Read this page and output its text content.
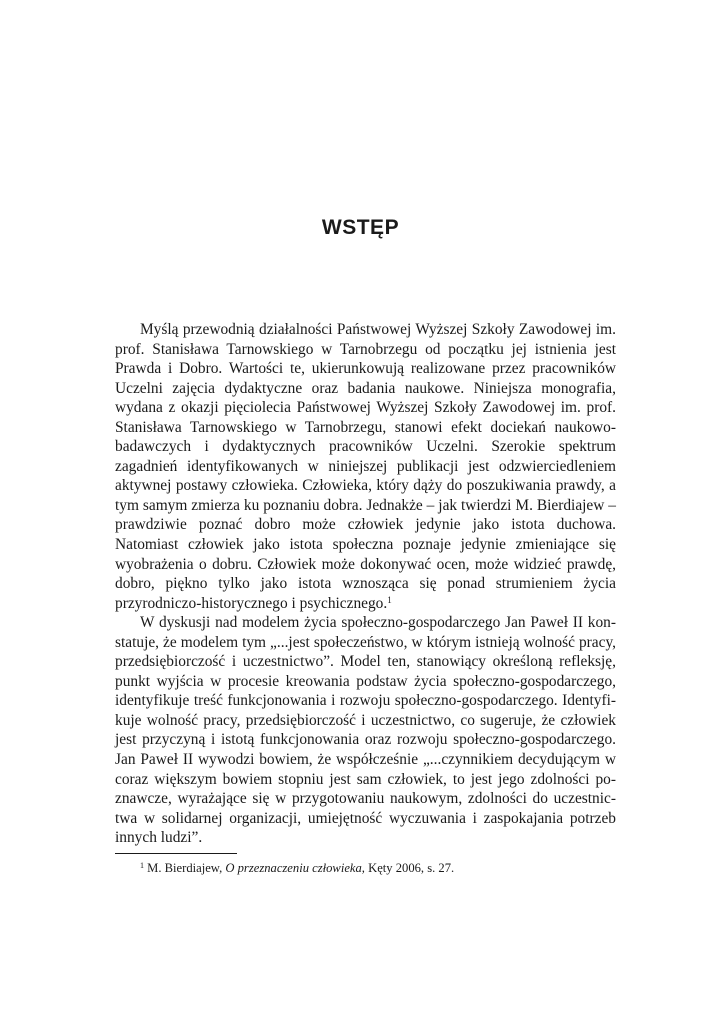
WSTĘP

Myślą przewodnią działalności Państwowej Wyższej Szkoły Zawodowej im. prof. Stanisława Tarnowskiego w Tarnobrzegu od początku jej istnienia jest Prawda i Dobro. Wartości te, ukierunkowują realizowane przez pracowników Uczelni zajęcia dydaktyczne oraz badania naukowe. Niniejsza monografia, wydana z okazji pięciolecia Państwowej Wyższej Szkoły Zawodowej im. prof. Stanisława Tarnowskiego w Tarnobrzegu, stanowi efekt dociekań naukowo-badawczych i dydaktycznych pracowników Uczelni. Szerokie spektrum zagadnień identyfikowanych w niniejszej publikacji jest odzwierciedleniem aktywnej postawy człowieka. Człowieka, który dąży do poszukiwania prawdy, a tym samym zmierza ku poznaniu dobra. Jednakże – jak twierdzi M. Bierdiajew – prawdziwie poznać dobro może człowiek jedynie jako istota duchowa. Natomiast człowiek jako istota społeczna poznaje jedynie zmieniające się wyobrażenia o dobru. Człowiek może dokonywać ocen, może widzieć prawdę, dobro, piękno tylko jako istota wznosząca się ponad strumieniem życia przyrodniczo-historycznego i psychicznego.$^1$

W dyskusji nad modelem życia społeczno-gospodarczego Jan Paweł II konstatuje, że modelem tym „...jest społeczeństwo, w którym istnieją wolność pracy, przedsiębiorczość i uczestnictwo”. Model ten, stanowiący określoną refleksję, punkt wyjścia w procesie kreowania podstaw życia społeczno-gospodarczego, identyfikuje treść funkcjonowania i rozwoju społeczno-gospodarczego. Identyfikuje wolność pracy, przedsiębiorczość i uczestnictwo, co sugeruje, że człowiek jest przyczyną i istotą funkcjonowania oraz rozwoju społeczno-gospodarczego. Jan Paweł II wywodzi bowiem, że współcześnie „...czynnikiem decydującym w coraz większym bowiem stopniu jest sam człowiek, to jest jego zdolności poznawcze, wyrażające się w przygotowaniu naukowym, zdolności do uczestnictwa w solidarnej organizacji, umiejętność wyczuwania i zaspokajania potrzeb innych ludzi”.

$^1$ M. Bierdiajew, O przeznaczeniu człowieka, Kęty 2006, s. 27.
